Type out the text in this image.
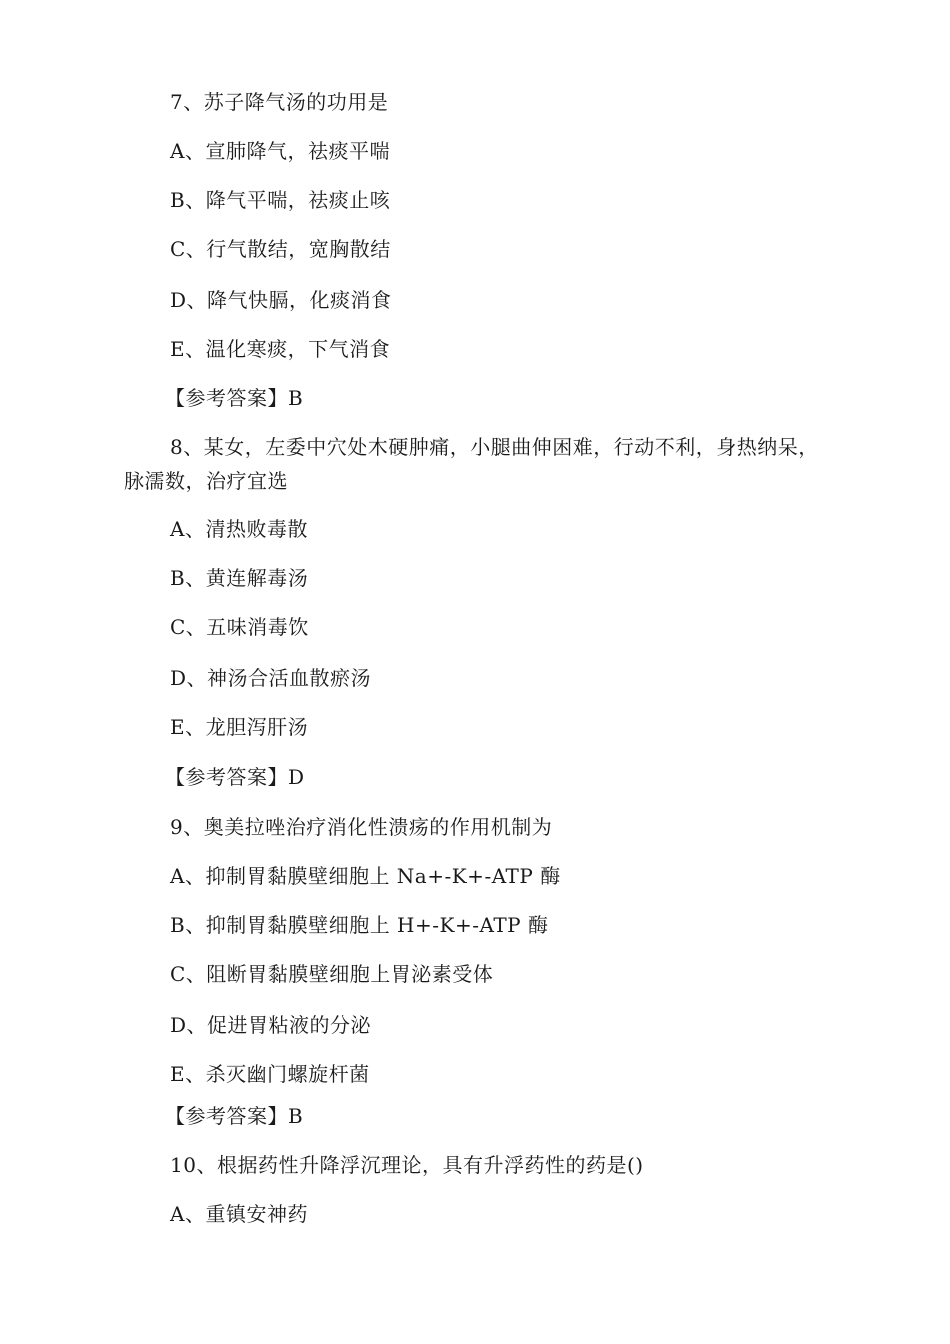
7、苏子降气汤的功用是
A、宣肺降气，祛痰平喘
B、降气平喘，祛痰止咳
C、行气散结，宽胸散结
D、降气快膈，化痰消食
E、温化寒痰，下气消食
【参考答案】B
8、某女，左委中穴处木硬肿痛，小腿曲伸困难，行动不利，身热纳呆，
脉濡数，治疗宜选
A、清热败毒散
B、黄连解毒汤
C、五味消毒饮
D、神汤合活血散瘀汤
E、龙胆泻肝汤
【参考答案】D
9、奥美拉唑治疗消化性溃疡的作用机制为
A、抑制胃黏膜壁细胞上 Na+-K+-ATP 酶
B、抑制胃黏膜壁细胞上 H+-K+-ATP 酶
C、阻断胃黏膜壁细胞上胃泌素受体
D、促进胃粘液的分泌
E、杀灭幽门螺旋杆菌
【参考答案】B
10、根据药性升降浮沉理论，具有升浮药性的药是()
A、重镇安神药
